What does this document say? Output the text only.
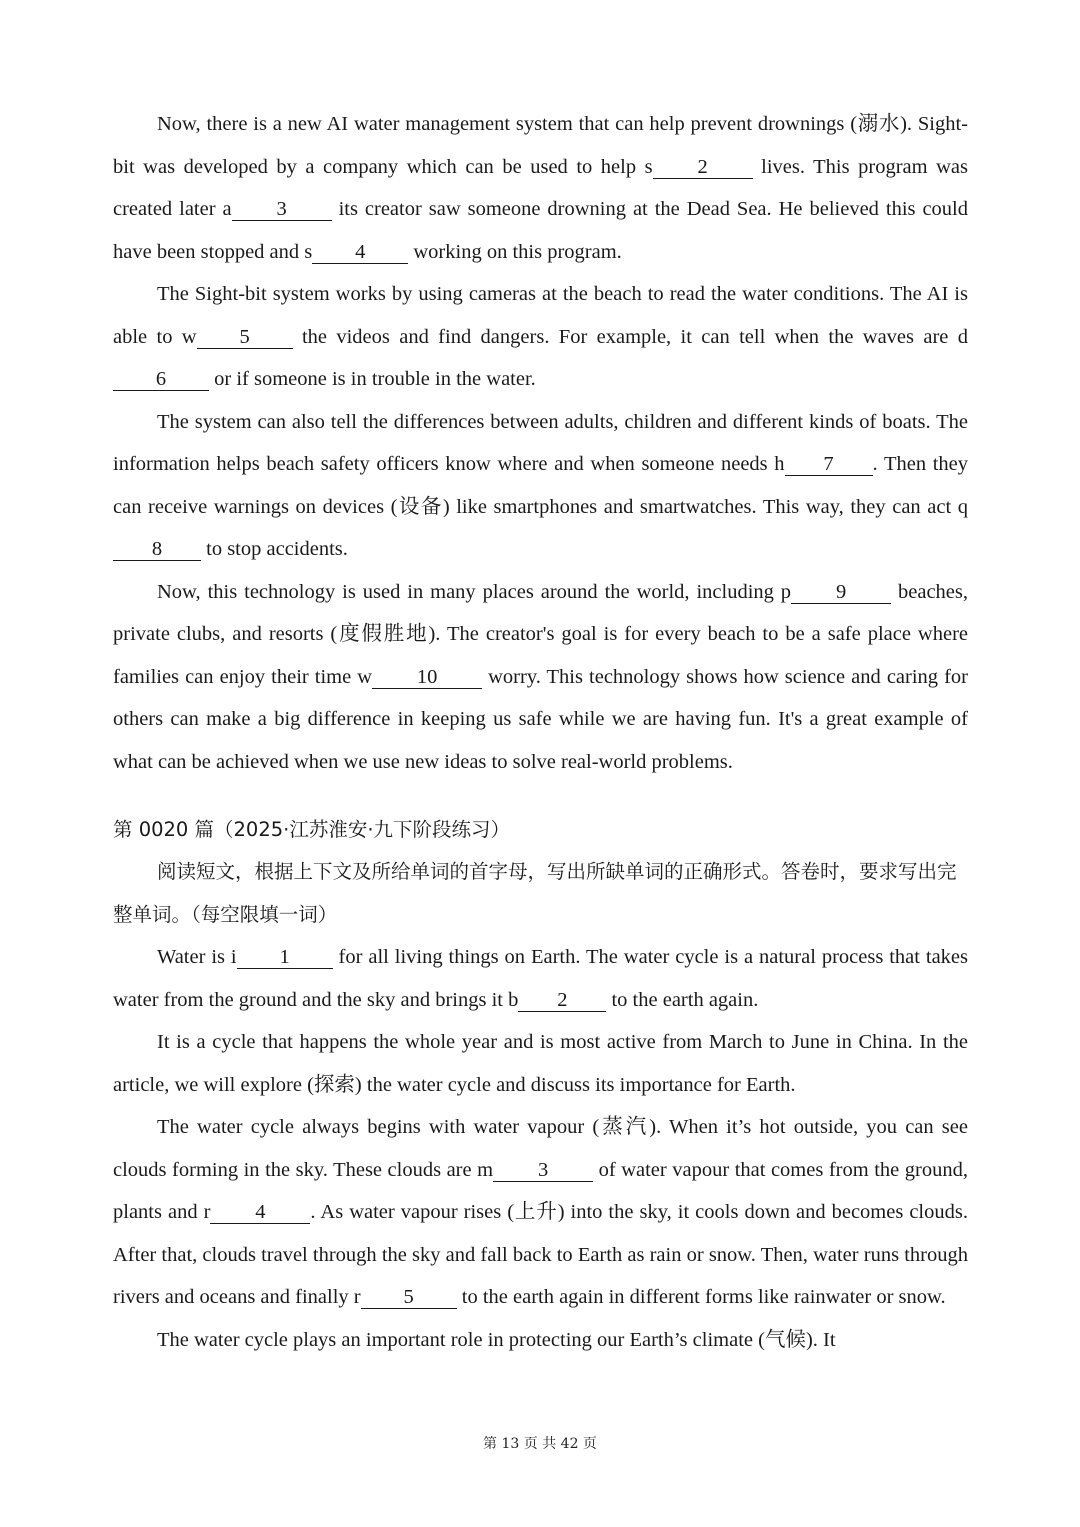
Now, there is a new AI water management system that can help prevent drownings (溺水). Sight-bit was developed by a company which can be used to help s 2 lives. This program was created later a 3 its creator saw someone drowning at the Dead Sea. He believed this could have been stopped and s 4 working on this program.

The Sight-bit system works by using cameras at the beach to read the water conditions. The AI is able to w 5 the videos and find dangers. For example, it can tell when the waves are d6 or if someone is in trouble in the water.

The system can also tell the differences between adults, children and different kinds of boats. The information helps beach safety officers know where and when someone needs h 7 . Then they can receive warnings on devices (设备) like smartphones and smartwatches. This way, they can act q8 to stop accidents.

Now, this technology is used in many places around the world, including p 9 beaches, private clubs, and resorts (度假胜地). The creator's goal is for every beach to be a safe place where families can enjoy their time w 10 worry. This technology shows how science and caring for others can make a big difference in keeping us safe while we are having fun. It's a great example of what can be achieved when we use new ideas to solve real-world problems.

第 0020 篇（2025·江苏淮安·九下阶段练习）

阅读短文，根据上下文及所给单词的首字母，写出所缺单词的正确形式。答卷时，要求写出完整单词。（每空限填一词）

Water is i 1 for all living things on Earth. The water cycle is a natural process that takes water from the ground and the sky and brings it b 2 to the earth again.

It is a cycle that happens the whole year and is most active from March to June in China. In the article, we will explore (探索) the water cycle and discuss its importance for Earth.

The water cycle always begins with water vapour (蒸汽). When it’s hot outside, you can see clouds forming in the sky. These clouds are m 3 of water vapour that comes from the ground, plants and r 4 . As water vapour rises (上升) into the sky, it cools down and becomes clouds. After that, clouds travel through the sky and fall back to Earth as rain or snow. Then, water runs through rivers and oceans and finally r 5 to the earth again in different forms like rainwater or snow.

The water cycle plays an important role in protecting our Earth’s climate (气候). It

第 13 页 共 42 页
